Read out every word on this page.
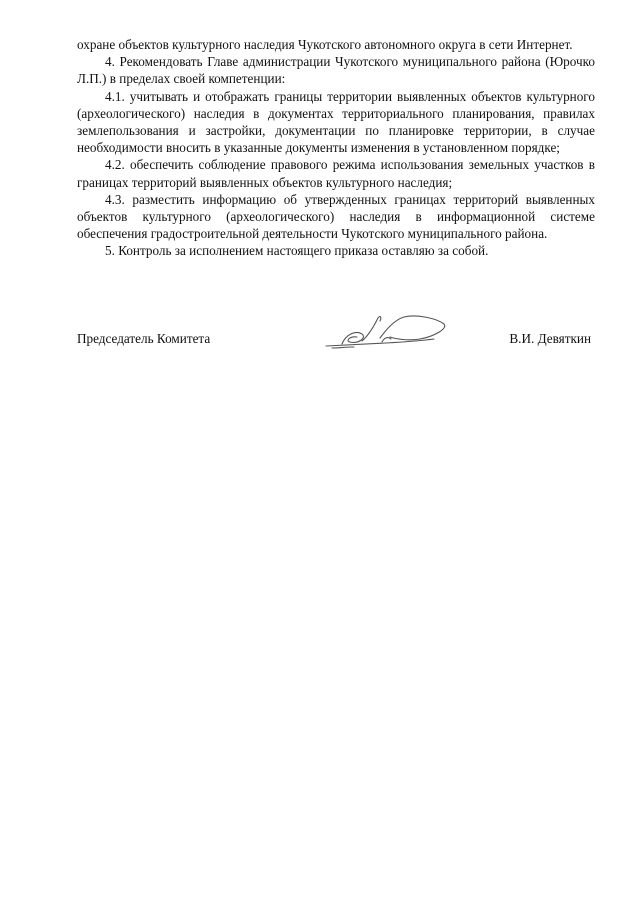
охране объектов культурного наследия Чукотского автономного округа в сети Интернет.

4. Рекомендовать Главе администрации Чукотского муниципального района (Юрочко Л.П.) в пределах своей компетенции:

4.1. учитывать и отображать границы территории выявленных объектов культурного (археологического) наследия в документах территориального планирования, правилах землепользования и застройки, документации по планировке территории, в случае необходимости вносить в указанные документы изменения в установленном порядке;

4.2. обеспечить соблюдение правового режима использования земельных участков в границах территорий выявленных объектов культурного наследия;

4.3. разместить информацию об утвержденных границах территорий выявленных объектов культурного (археологического) наследия в информационной системе обеспечения градостроительной деятельности Чукотского муниципального района.

5. Контроль за исполнением настоящего приказа оставляю за собой.

Председатель Комитета	В.И. Девяткин
